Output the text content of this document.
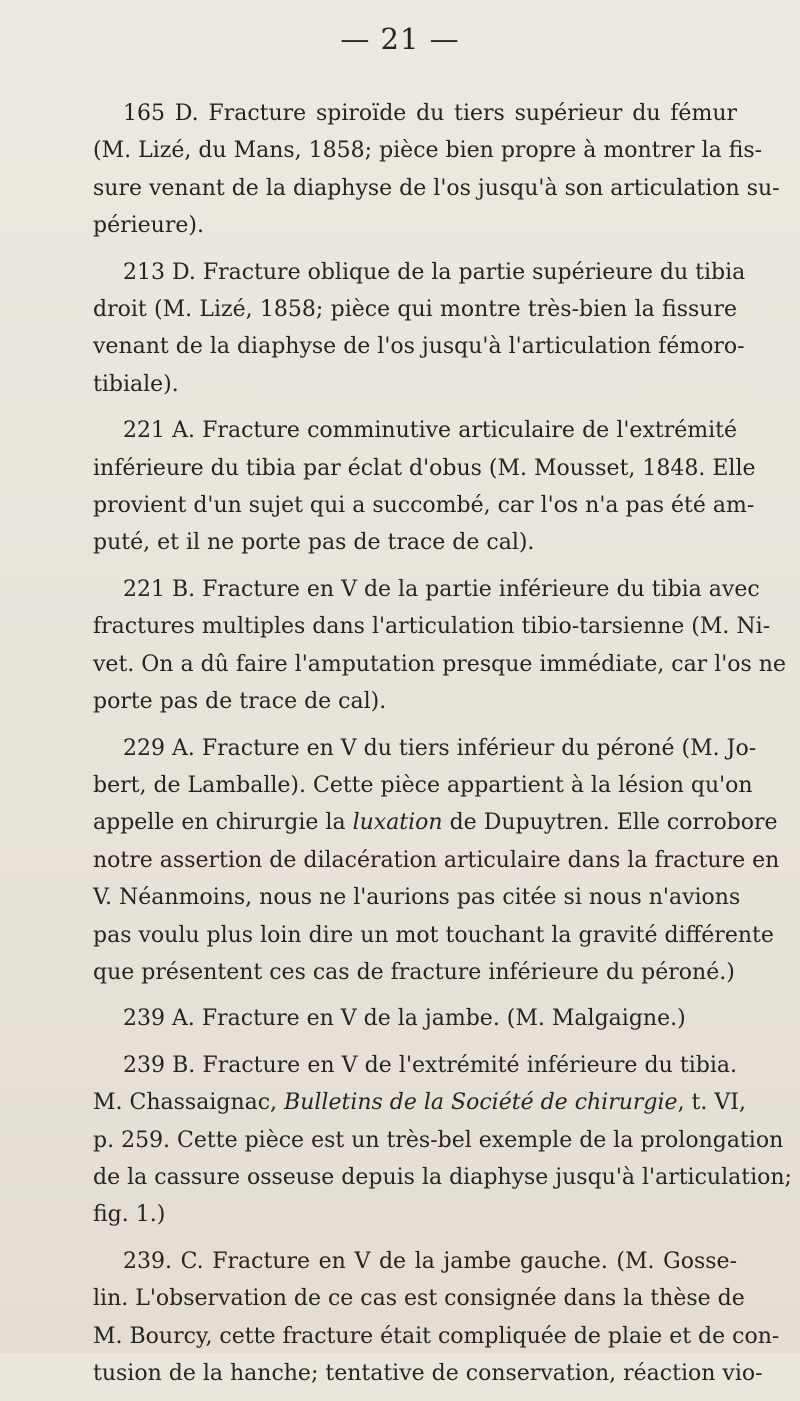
— 21 —
165 D. Fracture spiroïde du tiers supérieur du fémur
(M. Lizé, du Mans, 1858; pièce bien propre à montrer la fis-
sure venant de la diaphyse de l'os jusqu'à son articulation su-
périeure).
213 D. Fracture oblique de la partie supérieure du tibia
droit (M. Lizé, 1858; pièce qui montre très-bien la fissure
venant de la diaphyse de l'os jusqu'à l'articulation fémoro-
tibiale).
221 A. Fracture comminutive articulaire de l'extrémité
inférieure du tibia par éclat d'obus (M. Mousset, 1848. Elle
provient d'un sujet qui a succombé, car l'os n'a pas été am-
puté, et il ne porte pas de trace de cal).
221 B. Fracture en V de la partie inférieure du tibia avec
fractures multiples dans l'articulation tibio-tarsienne (M. Ni-
vet. On a dû faire l'amputation presque immédiate, car l'os ne
porte pas de trace de cal).
229 A. Fracture en V du tiers inférieur du péroné (M. Jo-
bert, de Lamballe). Cette pièce appartient à la lésion qu'on
appelle en chirurgie la luxation de Dupuytren. Elle corrobore
notre assertion de dilacération articulaire dans la fracture en
V. Néanmoins, nous ne l'aurions pas citée si nous n'avions
pas voulu plus loin dire un mot touchant la gravité différente
que présentent ces cas de fracture inférieure du péroné.)
239 A. Fracture en V de la jambe. (M. Malgaigne.)
239 B. Fracture en V de l'extrémité inférieure du tibia.
M. Chassaignac, Bulletins de la Société de chirurgie, t. VI,
p. 259. Cette pièce est un très-bel exemple de la prolongation
de la cassure osseuse depuis la diaphyse jusqu'à l'articulation;
fig. 1.)
239. C. Fracture en V de la jambe gauche. (M. Gosse-
lin. L'observation de ce cas est consignée dans la thèse de
M. Bourcy, cette fracture était compliquée de plaie et de con-
tusion de la hanche; tentative de conservation, réaction vio-
